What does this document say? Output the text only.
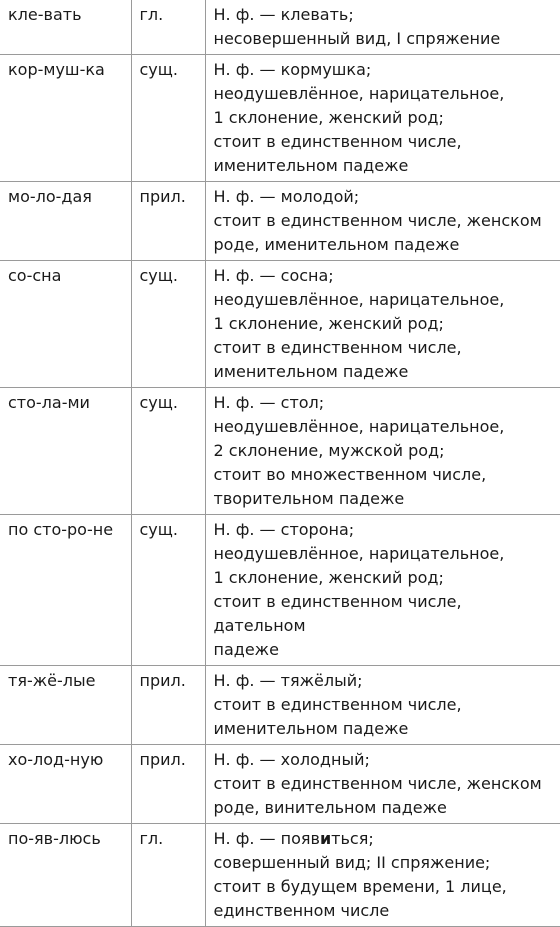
кле-вать	гл.	Н. ф. — клевать;
несовершенный вид, I спряжение

кор-муш-ка	сущ.	Н. ф. — кормушка;
неодушевлённое, нарицательное,
1 склонение, женский род;
стоит в единственном числе,
именительном падеже

мо-ло-дая	прил.	Н. ф. — молодой;
стоит в единственном числе, женском
роде, именительном падеже

со-сна	сущ.	Н. ф. — сосна;
неодушевлённое, нарицательное,
1 склонение, женский род;
стоит в единственном числе,
именительном падеже

сто-ла-ми	сущ.	Н. ф. — стол;
неодушевлённое, нарицательное,
2 склонение, мужской род;
стоит во множественном числе,
творительном падеже

по сто-ро-не	сущ.	Н. ф. — сторона;
неодушевлённое, нарицательное,
1 склонение, женский род;
стоит в единственном числе, дательном
падеже

тя-жё-лые	прил.	Н. ф. — тяжёлый;
стоит в единственном числе,
именительном падеже

хо-лод-ную	прил.	Н. ф. — холодный;
стоит в единственном числе, женском
роде, винительном падеже

по-яв-люсь	гл.	Н. ф. — появиться;
совершенный вид; II спряжение;
стоит в будущем времени, 1 лице,
единственном числе
